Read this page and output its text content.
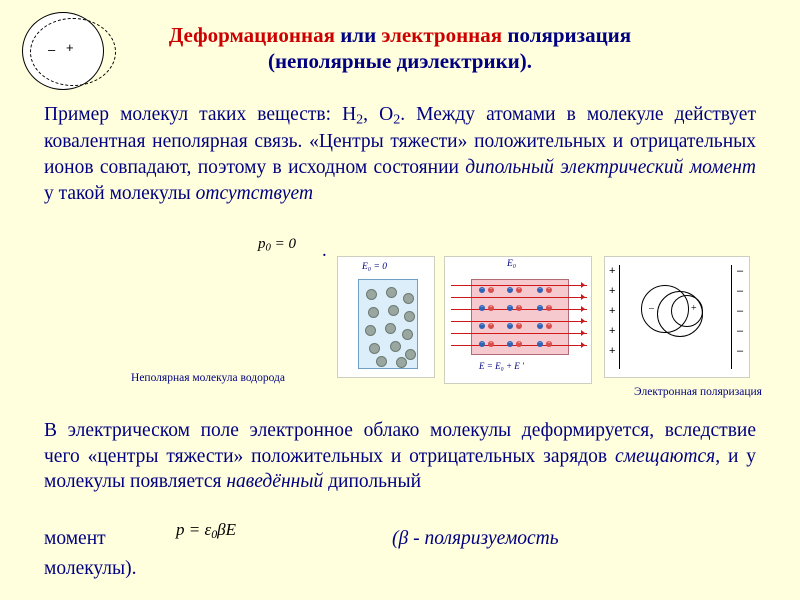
Деформационная или электронная поляризация
(неполярные диэлектрики).
Пример молекул таких веществ: $H_2$, $O_2$. Между атомами в молекуле действует ковалентная неполярная связь. «Центры тяжести» положительных и отрицательных ионов совпадают, поэтому в исходном состоянии дипольный электрический момент у такой молекулы отсутствует
$p_0 = 0$ .
– +
Неполярная молекула водорода
E₀ = 0	E₀
–	+	–	+	–	+
–	+	–	+	–	+
–	+	–	+	–	+
–	+	–	+	–	+
E = E₀ + E ′
+
+
+
+
+
–
–
–
–
–
–	+
Электронная поляризация
В электрическом поле электронное облако молекулы деформируется, вследствие чего «центры тяжести» положительных и отрицательных зарядов смещаются, и у молекулы появляется наведённый дипольный
момент	$p = \varepsilon_0\beta E$	(β - поляризуемость
молекулы).
